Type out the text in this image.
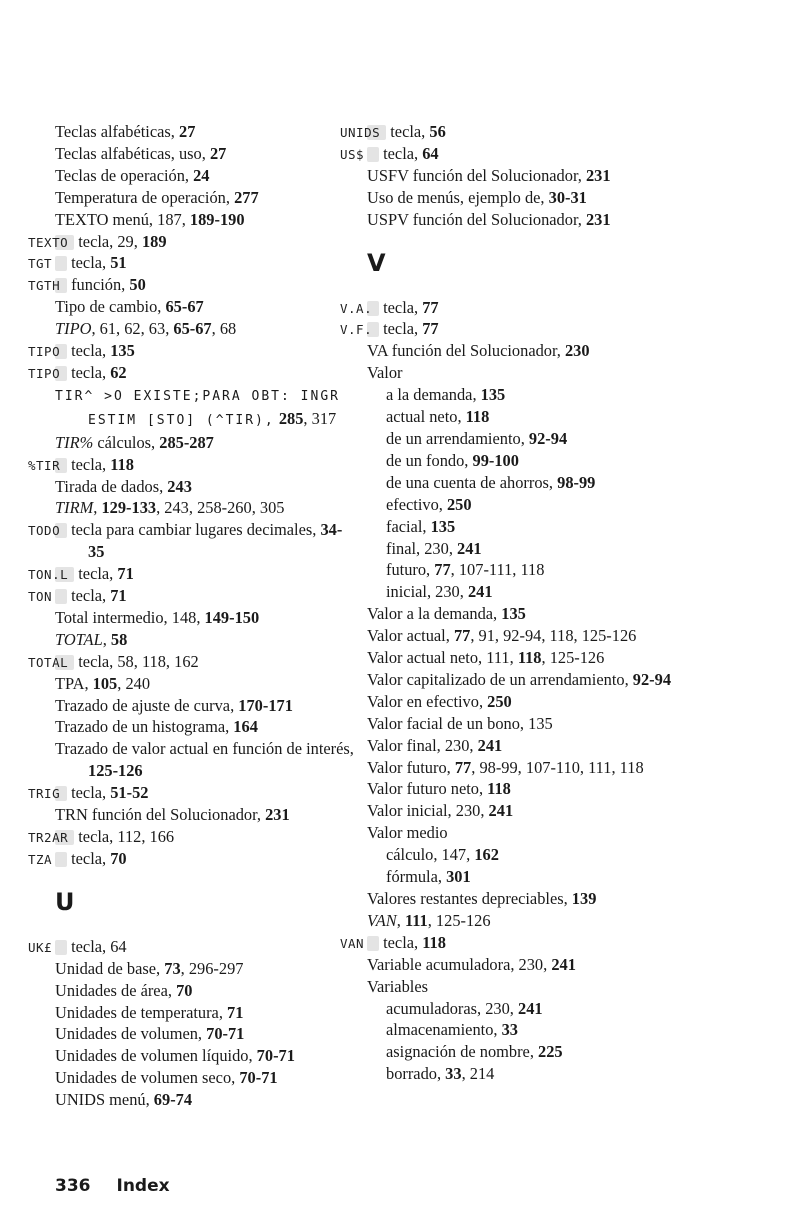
Teclas alfabéticas, 27
Teclas alfabéticas, uso, 27
Teclas de operación, 24
Temperatura de operación, 277
TEXTO menú, 187, 189-190
TEXTO tecla, 29, 189
TGT tecla, 51
TGTH función, 50
Tipo de cambio, 65-67
TIPO, 61, 62, 63, 65-67, 68
TIPO tecla, 135
TIPO tecla, 62
TIR^ >O EXISTE;PARA OBT: INGR ESTIM [STO] (^TIR), 285, 317
TIR% cálculos, 285-287
%TIR tecla, 118
Tirada de dados, 243
TIRM, 129-133, 243, 258-260, 305
TODO tecla para cambiar lugares decimales, 34-35
TON.L tecla, 71
TON tecla, 71
Total intermedio, 148, 149-150
TOTAL, 58
TOTAL tecla, 58, 118, 162
TPA, 105, 240
Trazado de ajuste de curva, 170-171
Trazado de un histograma, 164
Trazado de valor actual en función de interés, 125-126
TRIG tecla, 51-52
TRN función del Solucionador, 231
TR2AR tecla, 112, 166
TZA tecla, 70
U
UK£ tecla, 64
Unidad de base, 73, 296-297
Unidades de área, 70
Unidades de temperatura, 71
Unidades de volumen, 70-71
Unidades de volumen líquido, 70-71
Unidades de volumen seco, 70-71
UNIDS menú, 69-74
UNIDS tecla, 56
US$ tecla, 64
USFV función del Solucionador, 231
Uso de menús, ejemplo de, 30-31
USPV función del Solucionador, 231
V
V.A. tecla, 77
V.F. tecla, 77
VA función del Solucionador, 230
Valor
a la demanda, 135
actual neto, 118
de un arrendamiento, 92-94
de un fondo, 99-100
de una cuenta de ahorros, 98-99
efectivo, 250
facial, 135
final, 230, 241
futuro, 77, 107-111, 118
inicial, 230, 241
Valor a la demanda, 135
Valor actual, 77, 91, 92-94, 118, 125-126
Valor actual neto, 111, 118, 125-126
Valor capitalizado de un arrendamiento, 92-94
Valor en efectivo, 250
Valor facial de un bono, 135
Valor final, 230, 241
Valor futuro, 77, 98-99, 107-110, 111, 118
Valor futuro neto, 118
Valor inicial, 230, 241
Valor medio
cálculo, 147, 162
fórmula, 301
Valores restantes depreciables, 139
VAN, 111, 125-126
VAN tecla, 118
Variable acumuladora, 230, 241
Variables
acumuladoras, 230, 241
almacenamiento, 33
asignación de nombre, 225
borrado, 33, 214
336 Index
